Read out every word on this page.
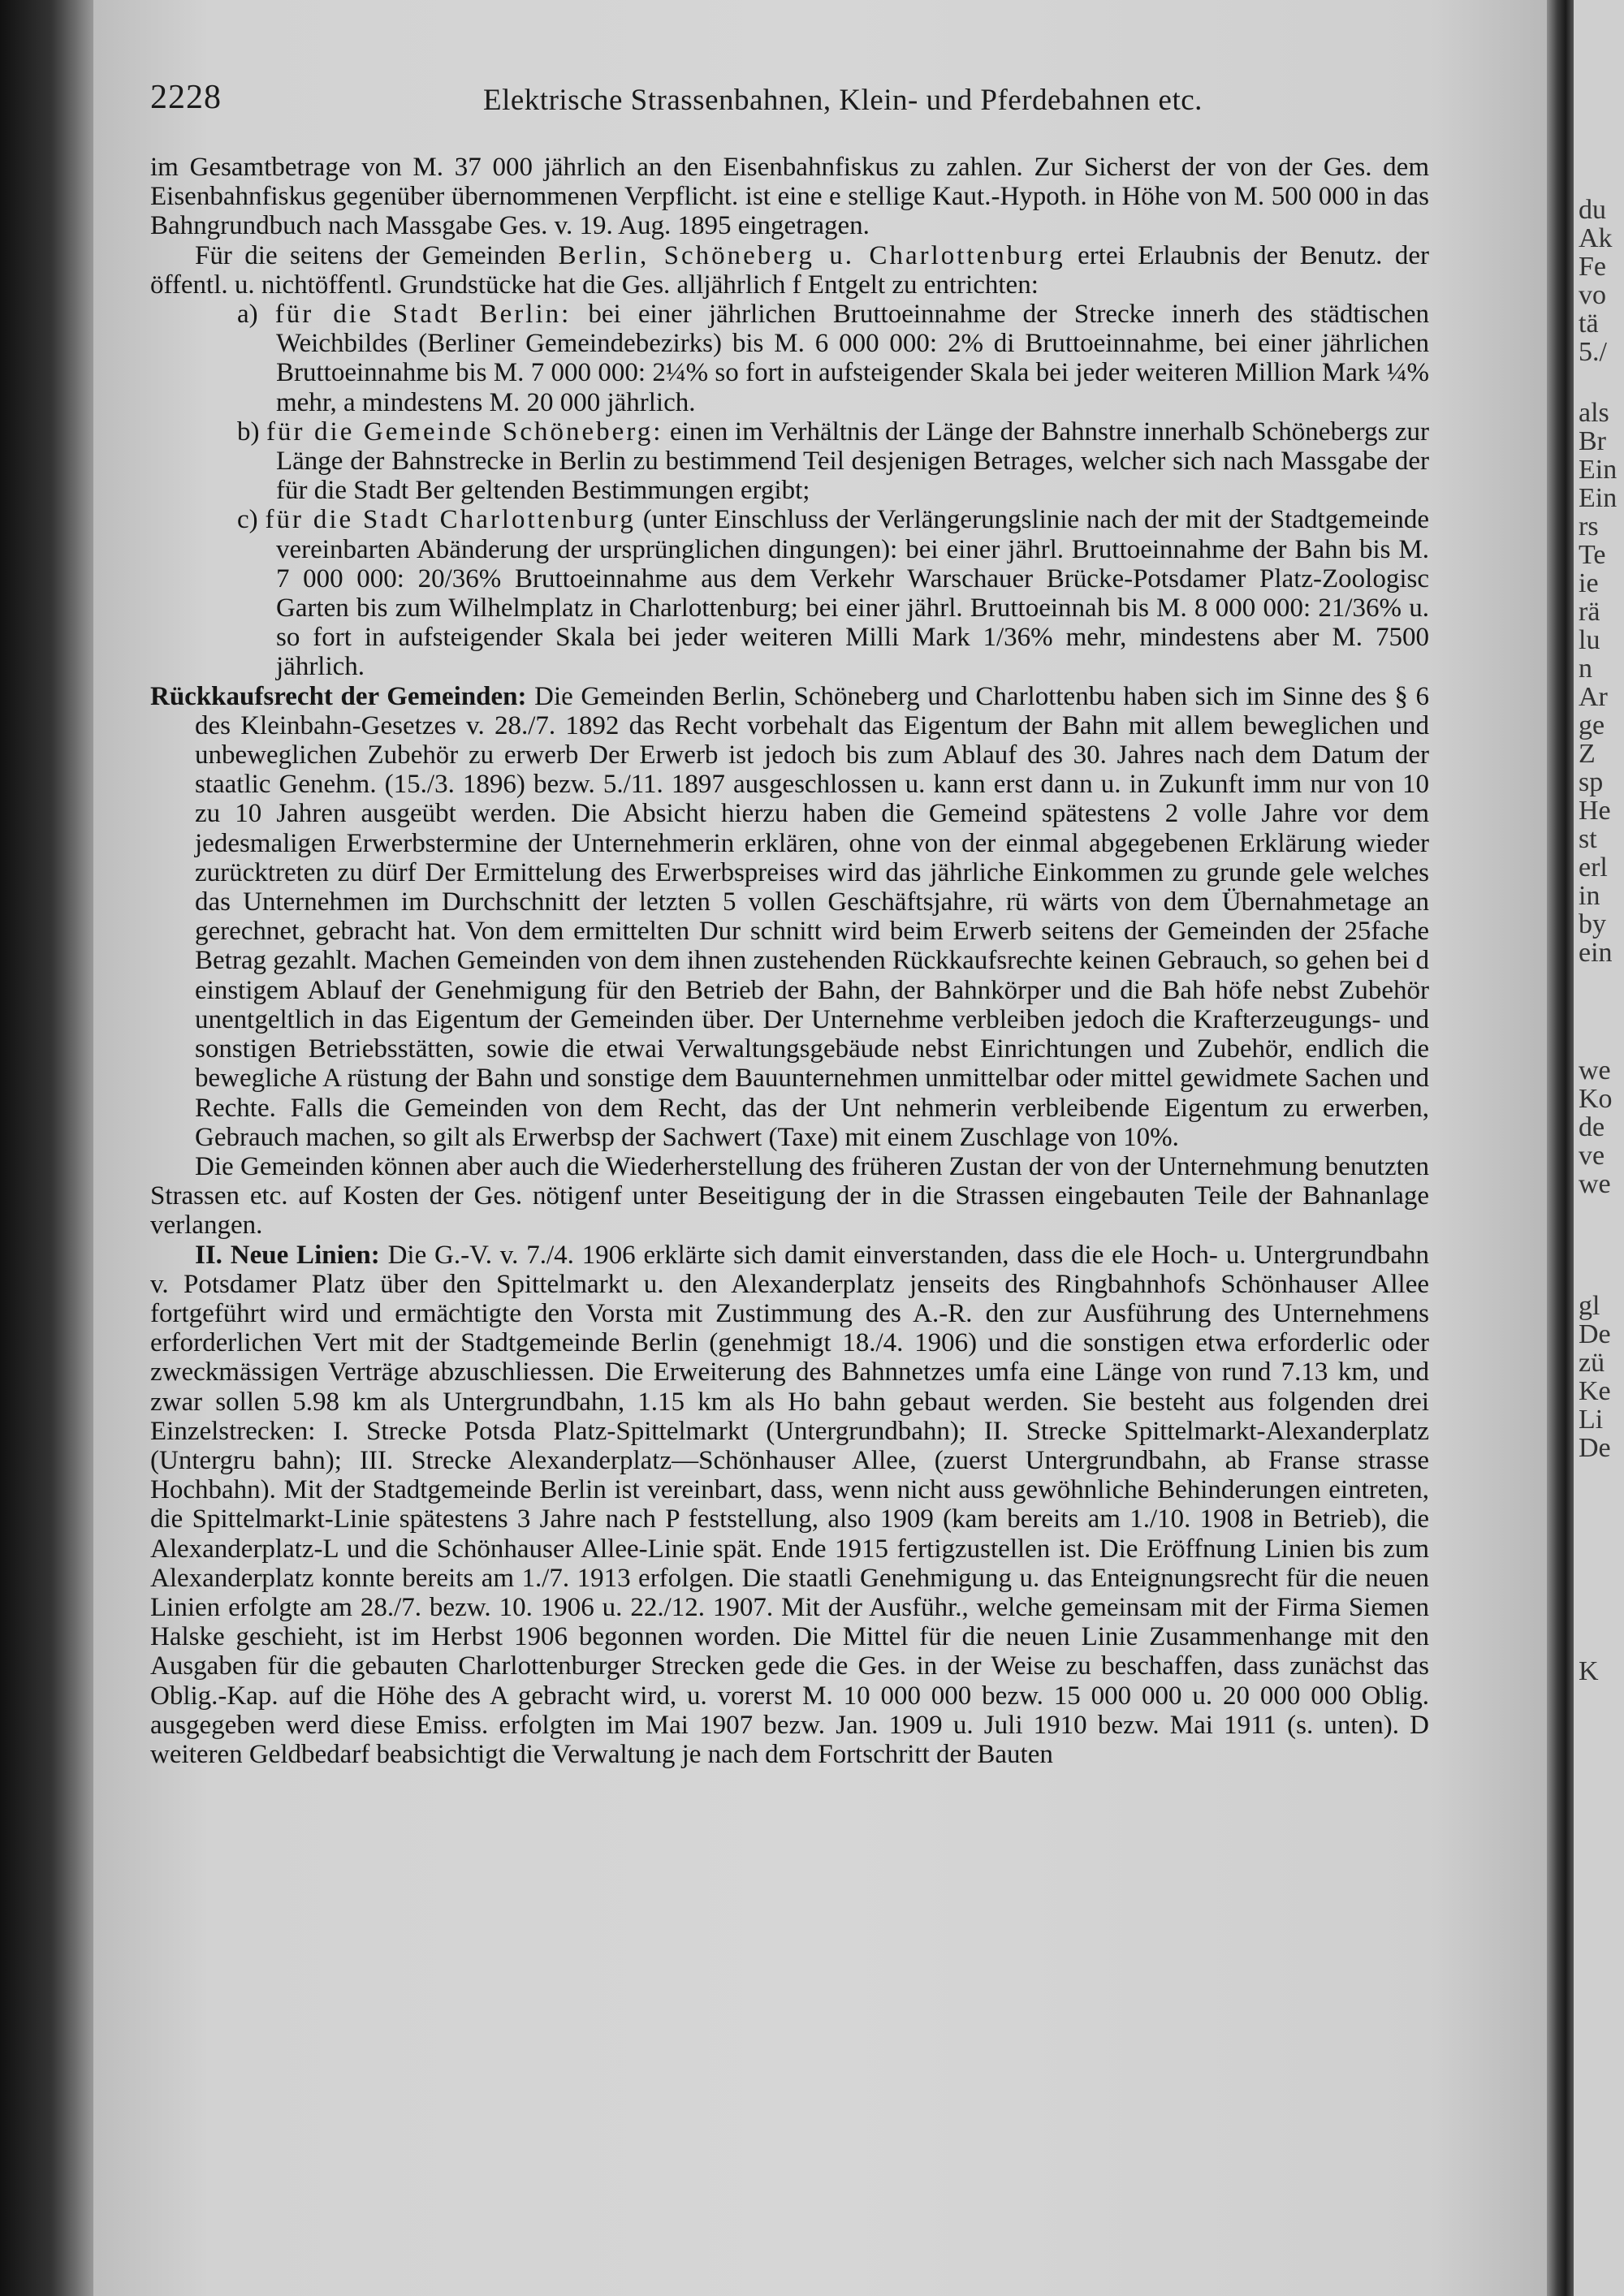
2228	Elektrische Strassenbahnen, Klein- und Pferdebahnen etc.

im Gesamtbetrage von M. 37 000 jährlich an den Eisenbahnfiskus zu zahlen. Zur Sicherst der von der Ges. dem Eisenbahnfiskus gegenüber übernommenen Verpflicht. ist eine e stellige Kaut.-Hypoth. in Höhe von M. 500 000 in das Bahngrundbuch nach Massgabe Ges. v. 19. Aug. 1895 eingetragen.

Für die seitens der Gemeinden Berlin, Schöneberg u. Charlottenburg ertei Erlaubnis der Benutz. der öffentl. u. nichtöffentl. Grundstücke hat die Ges. alljährlich f Entgelt zu entrichten:

a) für die Stadt Berlin: bei einer jährlichen Bruttoeinnahme der Strecke innerh des städtischen Weichbildes (Berliner Gemeindebezirks) bis M. 6 000 000: 2% di Bruttoeinnahme, bei einer jährlichen Bruttoeinnahme bis M. 7 000 000: 2¼% so fort in aufsteigender Skala bei jeder weiteren Million Mark ¼% mehr, a mindestens M. 20 000 jährlich.

b) für die Gemeinde Schöneberg: einen im Verhältnis der Länge der Bahnstre innerhalb Schönebergs zur Länge der Bahnstrecke in Berlin zu bestimmend Teil desjenigen Betrages, welcher sich nach Massgabe der für die Stadt Ber geltenden Bestimmungen ergibt;

c) für die Stadt Charlottenburg (unter Einschluss der Verlängerungslinie nach der mit der Stadtgemeinde vereinbarten Abänderung der ursprünglichen dingungen): bei einer jährl. Bruttoeinnahme der Bahn bis M. 7 000 000: 20/36% Bruttoeinnahme aus dem Verkehr Warschauer Brücke-Potsdamer Platz-Zoologisc Garten bis zum Wilhelmplatz in Charlottenburg; bei einer jährl. Bruttoeinnah bis M. 8 000 000: 21/36% u. so fort in aufsteigender Skala bei jeder weiteren Milli Mark 1/36% mehr, mindestens aber M. 7500 jährlich.

Rückkaufsrecht der Gemeinden: Die Gemeinden Berlin, Schöneberg und Charlottenbu haben sich im Sinne des § 6 des Kleinbahn-Gesetzes v. 28./7. 1892 das Recht vorbehalt das Eigentum der Bahn mit allem beweglichen und unbeweglichen Zubehör zu erwerb Der Erwerb ist jedoch bis zum Ablauf des 30. Jahres nach dem Datum der staatlic Genehm. (15./3. 1896) bezw. 5./11. 1897 ausgeschlossen u. kann erst dann u. in Zukunft imm nur von 10 zu 10 Jahren ausgeübt werden. Die Absicht hierzu haben die Gemeind spätestens 2 volle Jahre vor dem jedesmaligen Erwerbstermine der Unternehmerin erklären, ohne von der einmal abgegebenen Erklärung wieder zurücktreten zu dürf Der Ermittelung des Erwerbspreises wird das jährliche Einkommen zu grunde gele welches das Unternehmen im Durchschnitt der letzten 5 vollen Geschäftsjahre, rü wärts von dem Übernahmetage an gerechnet, gebracht hat. Von dem ermittelten Dur schnitt wird beim Erwerb seitens der Gemeinden der 25fache Betrag gezahlt. Machen Gemeinden von dem ihnen zustehenden Rückkaufsrechte keinen Gebrauch, so gehen bei d einstigem Ablauf der Genehmigung für den Betrieb der Bahn, der Bahnkörper und die Bah höfe nebst Zubehör unentgeltlich in das Eigentum der Gemeinden über. Der Unternehme verbleiben jedoch die Krafterzeugungs- und sonstigen Betriebsstätten, sowie die etwai Verwaltungsgebäude nebst Einrichtungen und Zubehör, endlich die bewegliche A rüstung der Bahn und sonstige dem Bauunternehmen unmittelbar oder mittel gewidmete Sachen und Rechte. Falls die Gemeinden von dem Recht, das der Unt nehmerin verbleibende Eigentum zu erwerben, Gebrauch machen, so gilt als Erwerbsp der Sachwert (Taxe) mit einem Zuschlage von 10%.

Die Gemeinden können aber auch die Wiederherstellung des früheren Zustan der von der Unternehmung benutzten Strassen etc. auf Kosten der Ges. nötigenf unter Beseitigung der in die Strassen eingebauten Teile der Bahnanlage verlangen.

II. Neue Linien: Die G.-V. v. 7./4. 1906 erklärte sich damit einverstanden, dass die ele Hoch- u. Untergrundbahn v. Potsdamer Platz über den Spittelmarkt u. den Alexanderplatz jenseits des Ringbahnhofs Schönhauser Allee fortgeführt wird und ermächtigte den Vorsta mit Zustimmung des A.-R. den zur Ausführung des Unternehmens erforderlichen Vert mit der Stadtgemeinde Berlin (genehmigt 18./4. 1906) und die sonstigen etwa erforderlic oder zweckmässigen Verträge abzuschliessen. Die Erweiterung des Bahnnetzes umfa eine Länge von rund 7.13 km, und zwar sollen 5.98 km als Untergrundbahn, 1.15 km als Ho bahn gebaut werden. Sie besteht aus folgenden drei Einzelstrecken: I. Strecke Potsda Platz-Spittelmarkt (Untergrundbahn); II. Strecke Spittelmarkt-Alexanderplatz (Untergru bahn); III. Strecke Alexanderplatz—Schönhauser Allee, (zuerst Untergrundbahn, ab Franse strasse Hochbahn). Mit der Stadtgemeinde Berlin ist vereinbart, dass, wenn nicht auss gewöhnliche Behinderungen eintreten, die Spittelmarkt-Linie spätestens 3 Jahre nach P feststellung, also 1909 (kam bereits am 1./10. 1908 in Betrieb), die Alexanderplatz-L und die Schönhauser Allee-Linie spät. Ende 1915 fertigzustellen ist. Die Eröffnung Linien bis zum Alexanderplatz konnte bereits am 1./7. 1913 erfolgen. Die staatli Genehmigung u. das Enteignungsrecht für die neuen Linien erfolgte am 28./7. bezw. 10. 1906 u. 22./12. 1907. Mit der Ausführ., welche gemeinsam mit der Firma Siemen Halske geschieht, ist im Herbst 1906 begonnen worden. Die Mittel für die neuen Linie Zusammenhange mit den Ausgaben für die gebauten Charlottenburger Strecken gede die Ges. in der Weise zu beschaffen, dass zunächst das Oblig.-Kap. auf die Höhe des A gebracht wird, u. vorerst M. 10 000 000 bezw. 15 000 000 u. 20 000 000 Oblig. ausgegeben werd diese Emiss. erfolgten im Mai 1907 bezw. Jan. 1909 u. Juli 1910 bezw. Mai 1911 (s. unten). D weiteren Geldbedarf beabsichtigt die Verwaltung je nach dem Fortschritt der Bauten

du
Ak
Fe
vo
tä
5./
als
Br
Ein
Ein
rs
Te
ie
rä
lu
n
Ar
ge
Z
sp
He
st
erl
in
by
ein
we
Ko
de
ve
we
gl
De
zü
Ke
Li
De
K
